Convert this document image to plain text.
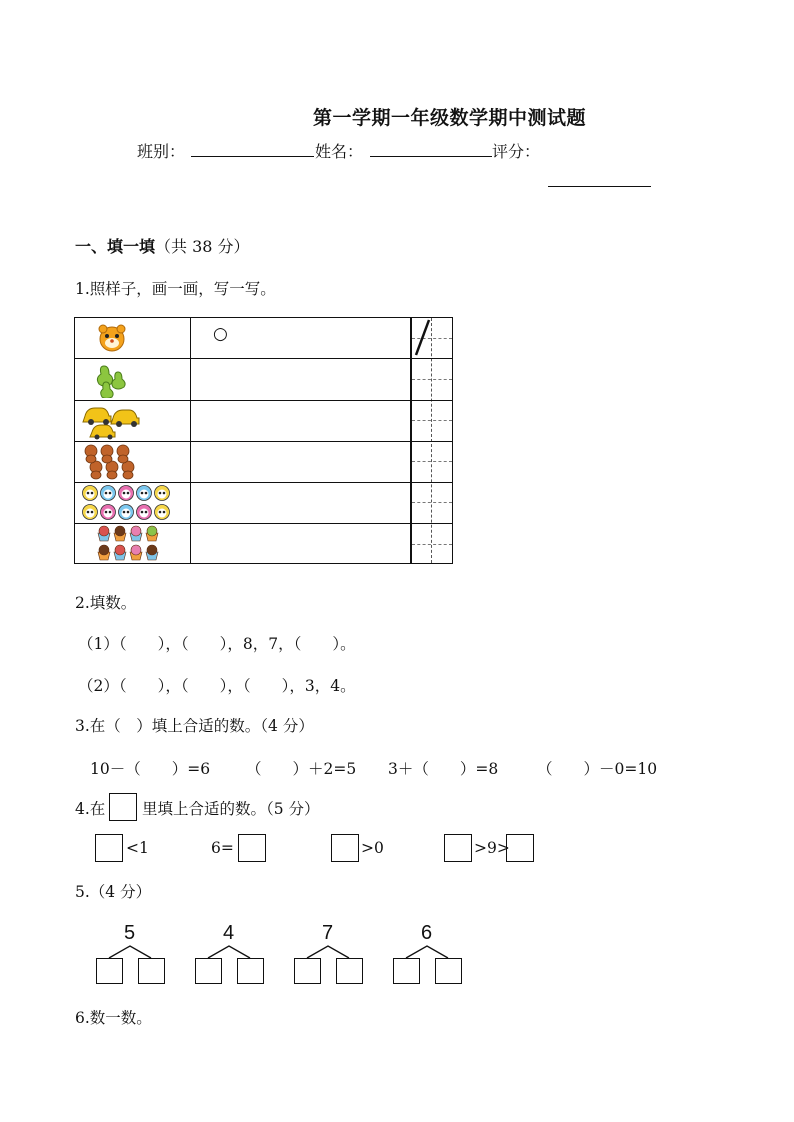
第一学期一年级数学期中测试题
班别：	姓名：	评分：
一、填一填（共 38 分）
1.照样子，画一画，写一写。
○
2.填数。
（1）（　　），（　　），8，7，（　　）。
（2）（　　），（　　），（　　），3，4。
3.在（　）填上合适的数。（4 分）
10－（　　）=6 （　　）＋2=5 3＋（　　）=8	（　　）－0=10
4.在 里填上合适的数。（5 分）
<1	6=	>0	>9>
5.（4 分）
5	4	7	6
6.数一数。
